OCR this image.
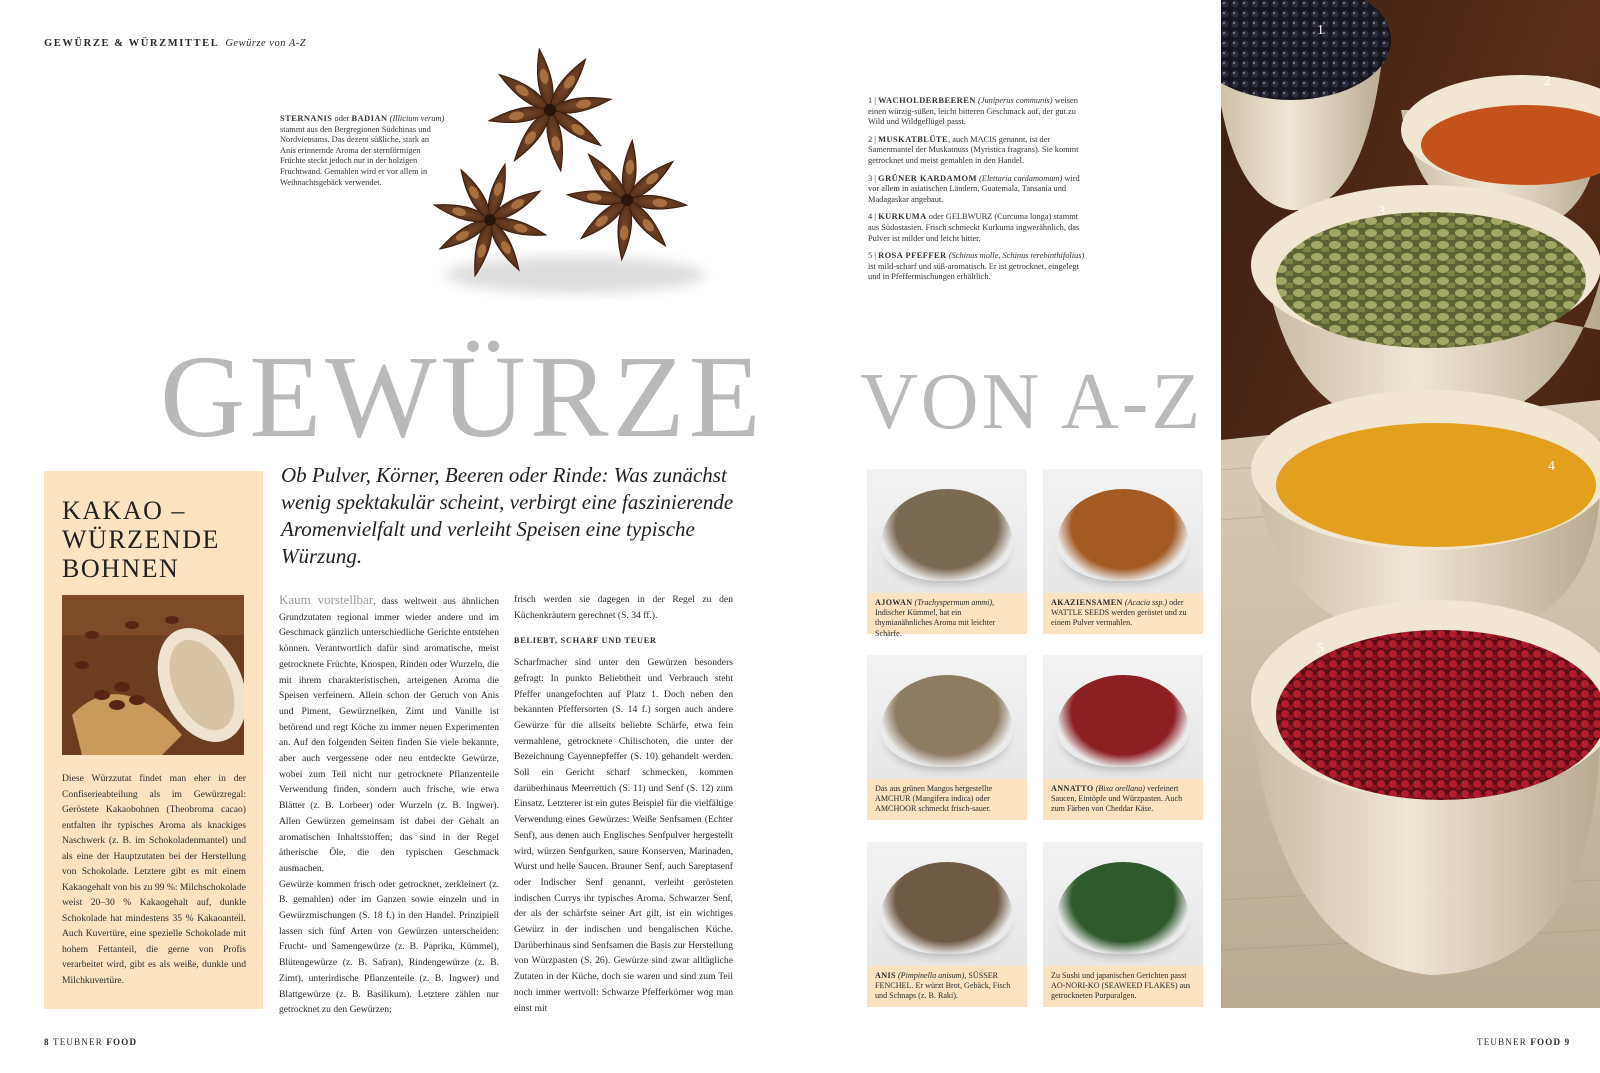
GEWÜRZE & WÜRZMITTEL Gewürze von A-Z
STERNANIS oder BADIAN (Illicium verum) stammt aus den Bergregionen Südchinas und Nordvietnams. Das dezent süßliche, stark an Anis erinnernde Aroma der sternförmigen Früchte steckt jedoch nur in der holzigen Fruchtwand. Gemahlen wird er vor allem in Weihnachtsgebäck verwendet.

1 | WACHOLDERBEEREN (Juniperus communis) weisen einen würzig-süßen, leicht bitteren Geschmack auf, der gut zu Wild und Wildgeflügel passt.

2 | MUSKATBLÜTE, auch MACIS genannt, ist der Samenmantel der Muskatnuss (Myristica fragrans). Sie kommt getrocknet und meist gemahlen in den Handel.

3 | GRÜNER KARDAMOM (Elettaria cardamomum) wird vor allem in asiatischen Ländern, Guatemala, Tansania und Madagaskar angebaut.

4 | KURKUMA oder GELBWURZ (Curcuma longa) stammt aus Südostasien. Frisch schmeckt Kurkuma ingwerähnlich, das Pulver ist milder und leicht bitter.

5 | ROSA PFEFFER (Schinus molle, Schinus terebinthifolius) ist mild-scharf und süß-aromatisch. Er ist getrocknet, eingelegt und in Pfeffermischungen erhältlich.

GEWÜRZE VON A-Z
1
2
3
4
5
KAKAO –
WÜRZENDE
BOHNEN
Diese Würzzutat findet man eher in der Confiserieabteilung als im Gewürzregal: Geröstete Kakaobohnen (Theobroma cacao) entfalten ihr typisches Aroma als knackiges Naschwerk (z. B. im Schokoladenmantel) und als eine der Hauptzutaten bei der Herstellung von Schokolade. Letztere gibt es mit einem Kakaogehalt von bis zu 99 %: Milchschokolade weist 20–30 % Kakaogehalt auf, dunkle Schokolade hat mindestens 35 % Kakaoanteil. Auch Kuvertüre, eine spezielle Schokolade mit hohem Fettanteil, die gerne von Profis verarbeitet wird, gibt es als weiße, dunkle und Milchkuvertüre.
Ob Pulver, Körner, Beeren oder Rinde: Was zunächst wenig spektakulär scheint, verbirgt eine faszinierende Aromenvielfalt und verleiht Speisen eine typische Würzung.

Kaum vorstellbar, dass weltweit aus ähnlichen Grundzutaten regional immer wieder andere und im Geschmack gänzlich unterschiedliche Gerichte entstehen können. Verantwortlich dafür sind aromatische, meist getrocknete Früchte, Knospen, Rinden oder Wurzeln, die mit ihrem charakteristischen, arteigenen Aroma die Speisen verfeinern. Allein schon der Geruch von Anis und Piment, Gewürznelken, Zimt und Vanille ist betörend und regt Köche zu immer neuen Experimenten an. Auf den folgenden Seiten finden Sie viele bekannte, aber auch vergessene oder neu entdeckte Gewürze, wobei zum Teil nicht nur getrocknete Pflanzenteile Verwendung finden, sondern auch frische, wie etwa Blätter (z. B. Lorbeer) oder Wurzeln (z. B. Ingwer). Allen Gewürzen gemeinsam ist dabei der Gehalt an aromatischen Inhaltsstoffen; das sind in der Regel ätherische Öle, die den typischen Geschmack ausmachen.

Gewürze kommen frisch oder getrocknet, zerkleinert (z. B. gemahlen) oder im Ganzen sowie einzeln und in Gewürzmischungen (S. 18 f.) in den Handel. Prinzipiell lassen sich fünf Arten von Gewürzen unterscheiden: Frucht- und Samengewürze (z. B. Paprika, Kümmel), Blütengewürze (z. B. Safran), Rindengewürze (z. B. Zimt), unterirdische Pflanzenteile (z. B. Ingwer) und Blattgewürze (z. B. Basilikum). Letztere zählen nur getrocknet zu den Gewürzen;

frisch werden sie dagegen in der Regel zu den Küchenkräutern gerechnet (S. 34 ff.).

BELIEBT, SCHARF UND TEUER

Scharfmacher sind unter den Gewürzen besonders gefragt: In punkto Beliebtheit und Verbrauch steht Pfeffer unangefochten auf Platz 1. Doch neben den bekannten Pfeffersorten (S. 14 f.) sorgen auch andere Gewürze für die allseits beliebte Schärfe, etwa fein vermahlene, getrocknete Chilischoten, die unter der Bezeichnung Cayennepfeffer (S. 10) gehandelt werden. Soll ein Gericht scharf schmecken, kommen darüberhinaus Meerrettich (S. 11) und Senf (S. 12) zum Einsatz. Letzterer ist ein gutes Beispiel für die vielfältige Verwendung eines Gewürzes: Weiße Senfsamen (Echter Senf), aus denen auch Englisches Senfpulver hergestellt wird, würzen Senfgurken, saure Konserven, Marinaden, Wurst und helle Saucen. Brauner Senf, auch Sareptasenf oder Indischer Senf genannt, verleiht gerösteten indischen Currys ihr typisches Aroma. Schwarzer Senf, der als der schärfste seiner Art gilt, ist ein wichtiges Gewürz in der indischen und bengalischen Küche. Darüberhinaus sind Senfsamen die Basis zur Herstellung von Würzpasten (S. 26). Gewürze sind zwar alltägliche Zutaten in der Küche, doch sie waren und sind zum Teil noch immer wertvoll: Schwarze Pfefferkörner wog man einst mit

AJOWAN (Trachyspermum ammi), Indischer Kümmel, hat ein thymianähnliches Aroma mit leichter Schärfe.
AKAZIENSAMEN (Acacia ssp.) oder WATTLE SEEDS werden geröstet und zu einem Pulver vermahlen.
Das aus grünen Mangos hergestellte AMCHUR (Mangifera indica) oder AMCHOOR schmeckt frisch-sauer.
ANNATTO (Bixa orellana) verfeinert Saucen, Eintöpfe und Würzpasten. Auch zum Färben von Cheddar Käse.
ANIS (Pimpinella anisum), SÜSSER FENCHEL. Er würzt Brot, Gebäck, Fisch und Schnaps (z. B. Raki).
Zu Sushi und japanischen Gerichten passt AO-NORI-KO (SEAWEED FLAKES) aus getrockneten Purpuralgen.
8 TEUBNER FOOD	TEUBNER FOOD 9
